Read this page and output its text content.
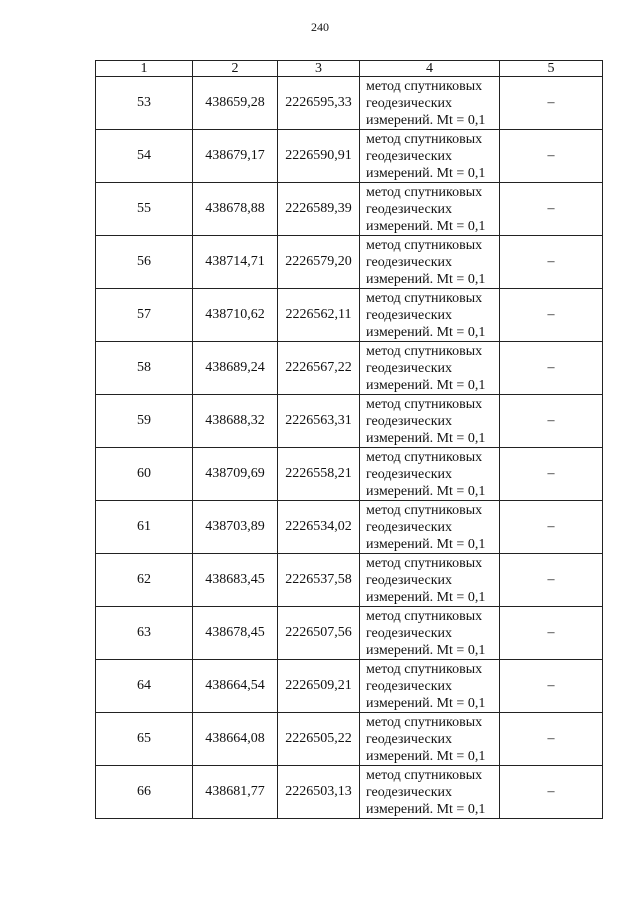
240
1	2	3	4	5
53	438659,28	2226595,33	метод спутниковых
геодезических
измерений. Mt = 0,1	–
54	438679,17	2226590,91	метод спутниковых
геодезических
измерений. Mt = 0,1	–
55	438678,88	2226589,39	метод спутниковых
геодезических
измерений. Mt = 0,1	–
56	438714,71	2226579,20	метод спутниковых
геодезических
измерений. Mt = 0,1	–
57	438710,62	2226562,11	метод спутниковых
геодезических
измерений. Mt = 0,1	–
58	438689,24	2226567,22	метод спутниковых
геодезических
измерений. Mt = 0,1	–
59	438688,32	2226563,31	метод спутниковых
геодезических
измерений. Mt = 0,1	–
60	438709,69	2226558,21	метод спутниковых
геодезических
измерений. Mt = 0,1	–
61	438703,89	2226534,02	метод спутниковых
геодезических
измерений. Mt = 0,1	–
62	438683,45	2226537,58	метод спутниковых
геодезических
измерений. Mt = 0,1	–
63	438678,45	2226507,56	метод спутниковых
геодезических
измерений. Mt = 0,1	–
64	438664,54	2226509,21	метод спутниковых
геодезических
измерений. Mt = 0,1	–
65	438664,08	2226505,22	метод спутниковых
геодезических
измерений. Mt = 0,1	–
66	438681,77	2226503,13	метод спутниковых
геодезических
измерений. Mt = 0,1	–
